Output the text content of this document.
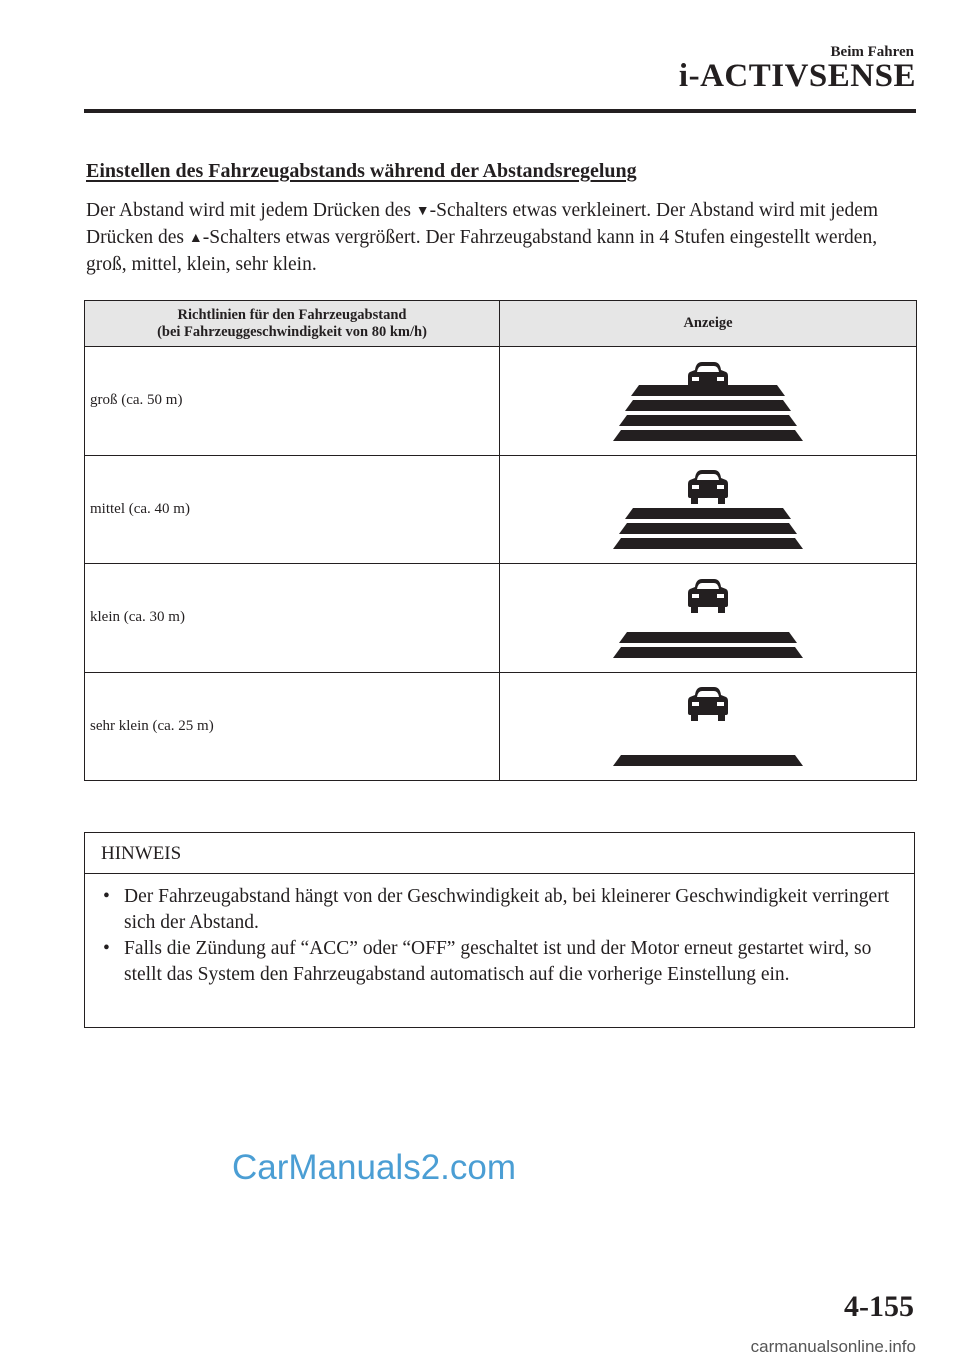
Beim Fahren
i-ACTIVSENSE
Einstellen des Fahrzeugabstands während der Abstandsregelung

Der Abstand wird mit jedem Drücken des ▼-Schalters etwas verkleinert. Der Abstand wird mit jedem Drücken des ▲-Schalters etwas vergrößert. Der Fahrzeugabstand kann in 4 Stufen eingestellt werden, groß, mittel, klein, sehr klein.

Richtlinien für den Fahrzeugabstand
(bei Fahrzeuggeschwindigkeit von 80 km/h)	Anzeige
groß (ca. 50 m)	

mittel (ca. 40 m)	

klein (ca. 30 m)	

sehr klein (ca. 25 m)	
HINWEIS
• Der Fahrzeugabstand hängt von der Geschwindigkeit ab, bei kleinerer Geschwindigkeit verringert sich der Abstand.
• Falls die Zündung auf “ACC” oder “OFF” geschaltet ist und der Motor erneut gestartet wird, so stellt das System den Fahrzeugabstand automatisch auf die vorherige Einstellung ein.
CarManuals2.com
4-155
carmanualsonline.info
